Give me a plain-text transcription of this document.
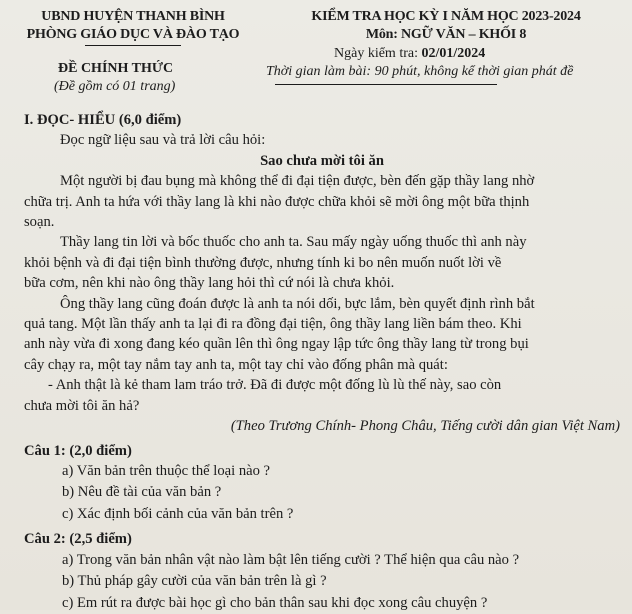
UBND HUYỆN THANH BÌNH
PHÒNG GIÁO DỤC VÀ ĐÀO TẠO
ĐỀ CHÍNH THỨC
(Đề gồm có 01 trang)
KIỂM TRA HỌC KỲ I NĂM HỌC 2023-2024
Môn: NGỮ VĂN – KHỐI 8
Ngày kiểm tra: 02/01/2024
Thời gian làm bài: 90 phút, không kể thời gian phát đề
I. ĐỌC- HIỂU (6,0 điểm)
Đọc ngữ liệu sau và trả lời câu hỏi:
Sao chưa mời tôi ăn
Một người bị đau bụng mà không thể đi đại tiện được, bèn đến gặp thầy lang nhờ
chữa trị. Anh ta hứa với thầy lang là khi nào được chữa khỏi sẽ mời ông một bữa thịnh
soạn.
Thầy lang tin lời và bốc thuốc cho anh ta. Sau mấy ngày uống thuốc thì anh này
khỏi bệnh và đi đại tiện bình thường được, nhưng tính ki bo nên muốn nuốt lời về
bữa cơm, nên khi nào ông thầy lang hỏi thì cứ nói là chưa khỏi.
Ông thầy lang cũng đoán được là anh ta nói dối, bực lắm, bèn quyết định rình bắt
quả tang. Một lần thấy anh ta lại đi ra đồng đại tiện, ông thầy lang liền bám theo. Khi
anh này vừa đi xong đang kéo quần lên thì ông ngay lập tức ông thầy lang từ trong bụi
cây chạy ra, một tay nắm tay anh ta, một tay chỉ vào đống phân mà quát:
- Anh thật là kẻ tham lam tráo trở. Đã đi được một đống lù lù thế này, sao còn
chưa mời tôi ăn hả?
(Theo Trương Chính- Phong Châu, Tiếng cười dân gian Việt Nam)
Câu 1: (2,0 điểm)
a) Văn bản trên thuộc thể loại nào ?
b) Nêu đề tài của văn bản ?
c) Xác định bối cảnh của văn bản trên ?
Câu 2: (2,5 điểm)
a) Trong văn bản nhân vật nào làm bật lên tiếng cười ? Thể hiện qua câu nào ?
b) Thủ pháp gây cười của văn bản trên là gì ?
c) Em rút ra được bài học gì cho bản thân sau khi đọc xong câu chuyện ?
